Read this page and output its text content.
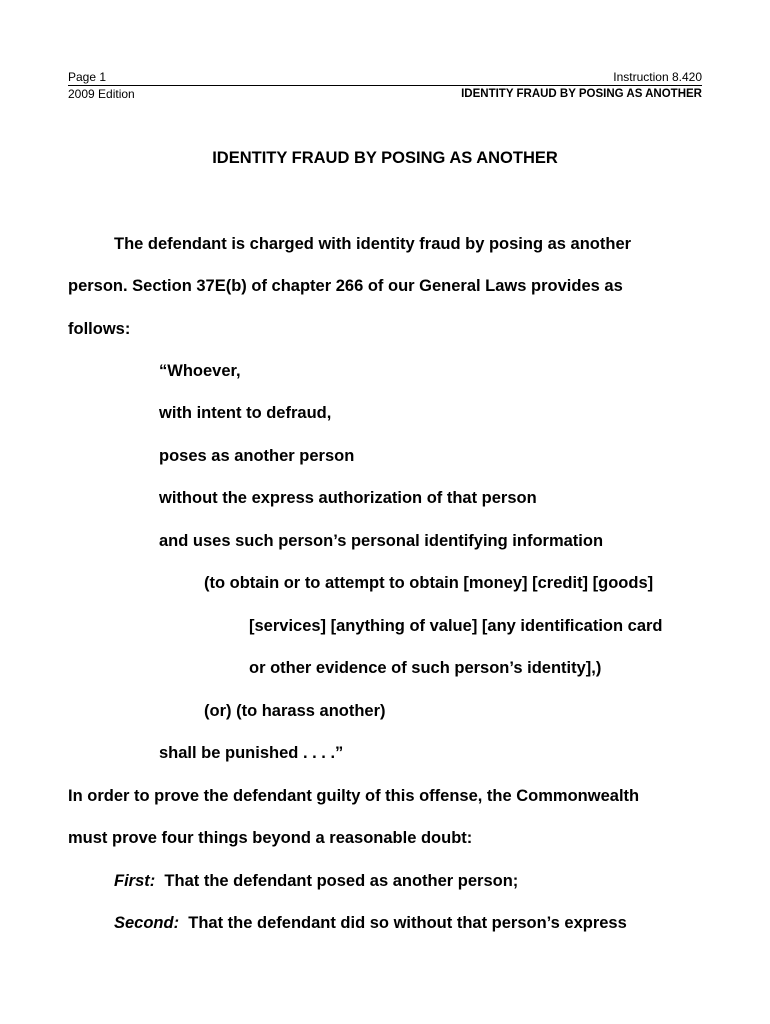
Page 1	Instruction 8.420
2009 Edition	IDENTITY FRAUD BY POSING AS ANOTHER
IDENTITY FRAUD BY POSING AS ANOTHER
The defendant is charged with identity fraud by posing as another
person. Section 37E(b) of chapter 266 of our General Laws provides as
follows:
“Whoever,
with intent to defraud,
poses as another person
without the express authorization of that person
and uses such person’s personal identifying information
(to obtain or to attempt to obtain [money] [credit] [goods]
[services] [anything of value] [any identification card
or other evidence of such person’s identity],)
(or) (to harass another)
shall be punished . . . .”
In order to prove the defendant guilty of this offense, the Commonwealth
must prove four things beyond a reasonable doubt:
First: That the defendant posed as another person;
Second: That the defendant did so without that person’s express
